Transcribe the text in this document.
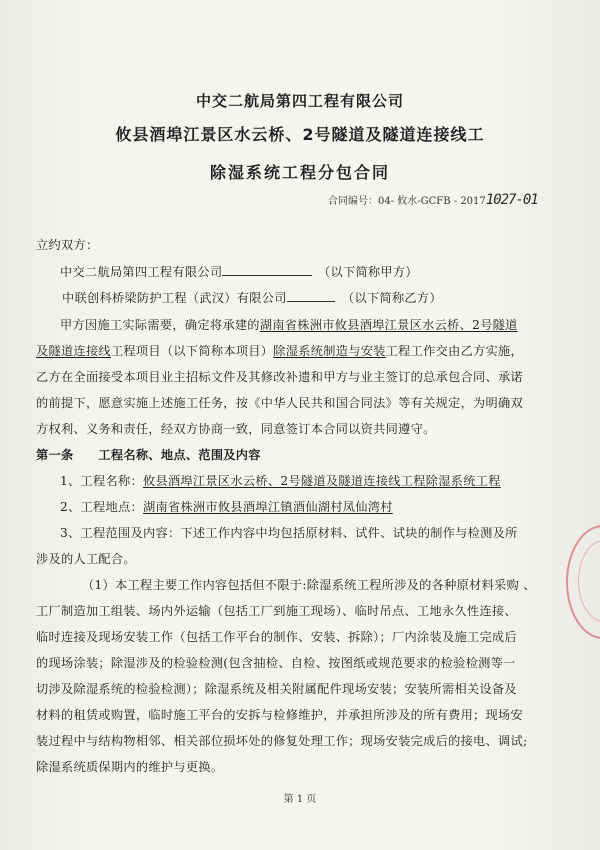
中交二航局第四工程有限公司
攸县酒埠江景区水云桥、2号隧道及隧道连接线工
除湿系统工程分包合同
合同编号：04- 攸水-GCFB - 20171027-01
立约双方：
中交二航局第四工程有限公司	（以下简称甲方）
中联创科桥梁防护工程（武汉）有限公司	（以下简称乙方）
甲方因施工实际需要，确定将承建的湖南省株洲市攸县酒埠江景区水云桥、2号隧道
及隧道连接线工程项目（以下简称本项目）除湿系统制造与安装工程工作交由乙方实施，
乙方在全面接受本项目业主招标文件及其修改补遗和甲方与业主签订的总承包合同、承诺
的前提下，愿意实施上述施工任务，按《中华人民共和国合同法》等有关规定，为明确双
方权利、义务和责任，经双方协商一致，同意签订本合同以资共同遵守。
第一条　　工程名称、地点、范围及内容
1、工程名称：攸县酒埠江景区水云桥、2号隧道及隧道连接线工程除湿系统工程
2、工程地点：湖南省株洲市攸县酒埠江镇酒仙湖村凤仙湾村
3、工程范围及内容：下述工作内容中均包括原材料、试件、试块的制作与检测及所
涉及的人工配合。
（1）本工程主要工作内容包括但不限于:除湿系统工程所涉及的各种原材料采购 、
工厂制造加工组装、场内外运输（包括工厂到施工现场）、临时吊点、工地永久性连接、
临时连接及现场安装工作（包括工作平台的制作、安装、拆除）；厂内涂装及施工完成后
的现场涂装；除湿涉及的检验检测(包含抽检、自检、按图纸或规范要求的检验检测等一
切涉及除湿系统的检验检测）；除湿系统及相关附属配件现场安装；安装所需相关设备及
材料的租赁或购置，临时施工平台的安拆与检修维护，并承担所涉及的所有费用；现场安
装过程中与结构物相邻、相关部位损坏处的修复处理工作；现场安装完成后的接电、调试;
除湿系统质保期内的维护与更换。
第 1 页
